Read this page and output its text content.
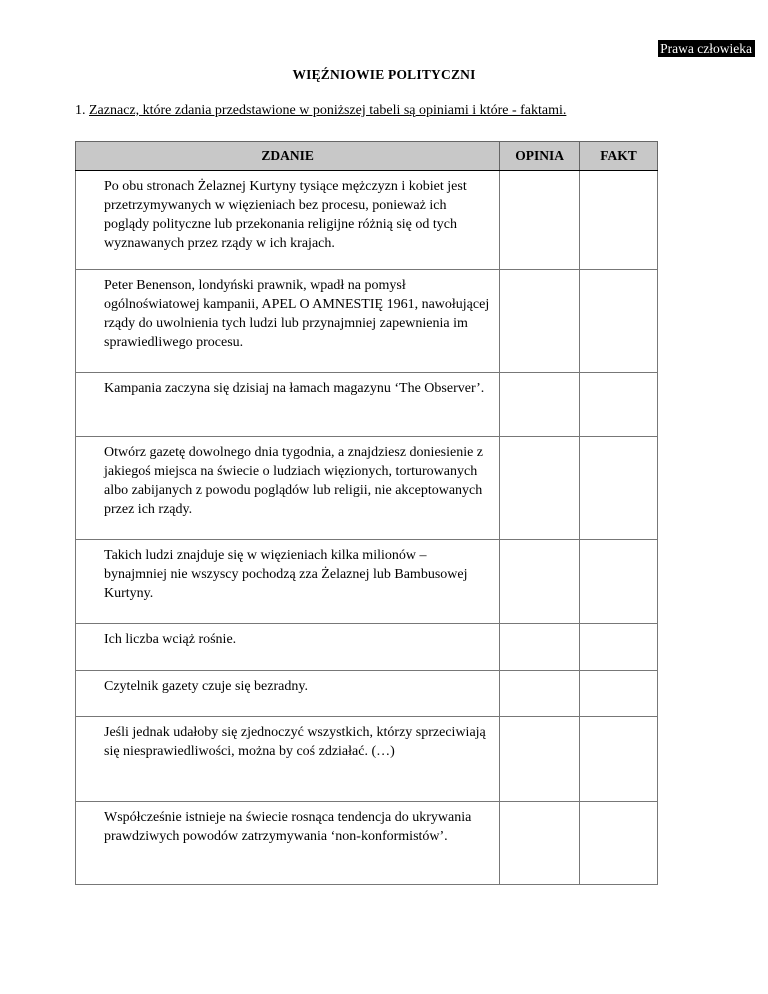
Prawa człowieka
WIĘŹNIOWIE POLITYCZNI
1. Zaznacz, które zdania przedstawione w poniższej tabeli są opiniami i które - faktami.
ZDANIE	OPINIA	FAKT
Po obu stronach Żelaznej Kurtyny tysiące mężczyzn i kobiet jest przetrzymywanych w więzieniach bez procesu, ponieważ ich poglądy polityczne lub przekonania religijne różnią się od tych wyznawanych przez rządy w ich krajach.		
Peter Benenson, londyński prawnik, wpadł na pomysł ogólnoświatowej kampanii, APEL O AMNESTIĘ 1961, nawołującej rządy do uwolnienia tych ludzi lub przynajmniej zapewnienia im sprawiedliwego procesu.		
Kampania zaczyna się dzisiaj na łamach magazynu ‘The Observer’.		
Otwórz gazetę dowolnego dnia tygodnia, a znajdziesz doniesienie z jakiegoś miejsca na świecie o ludziach więzionych, torturowanych albo zabijanych z powodu poglądów lub religii, nie akceptowanych przez ich rządy.		
Takich ludzi znajduje się w więzieniach kilka milionów – bynajmniej nie wszyscy pochodzą zza Żelaznej lub Bambusowej Kurtyny.		
Ich liczba wciąż rośnie.		
Czytelnik gazety czuje się bezradny.		
Jeśli jednak udałoby się zjednoczyć wszystkich, którzy sprzeciwiają się niesprawiedliwości, można by coś zdziałać. (…)		
Współcześnie istnieje na świecie rosnąca tendencja do ukrywania prawdziwych powodów zatrzymywania ‘non-konformistów’.		
